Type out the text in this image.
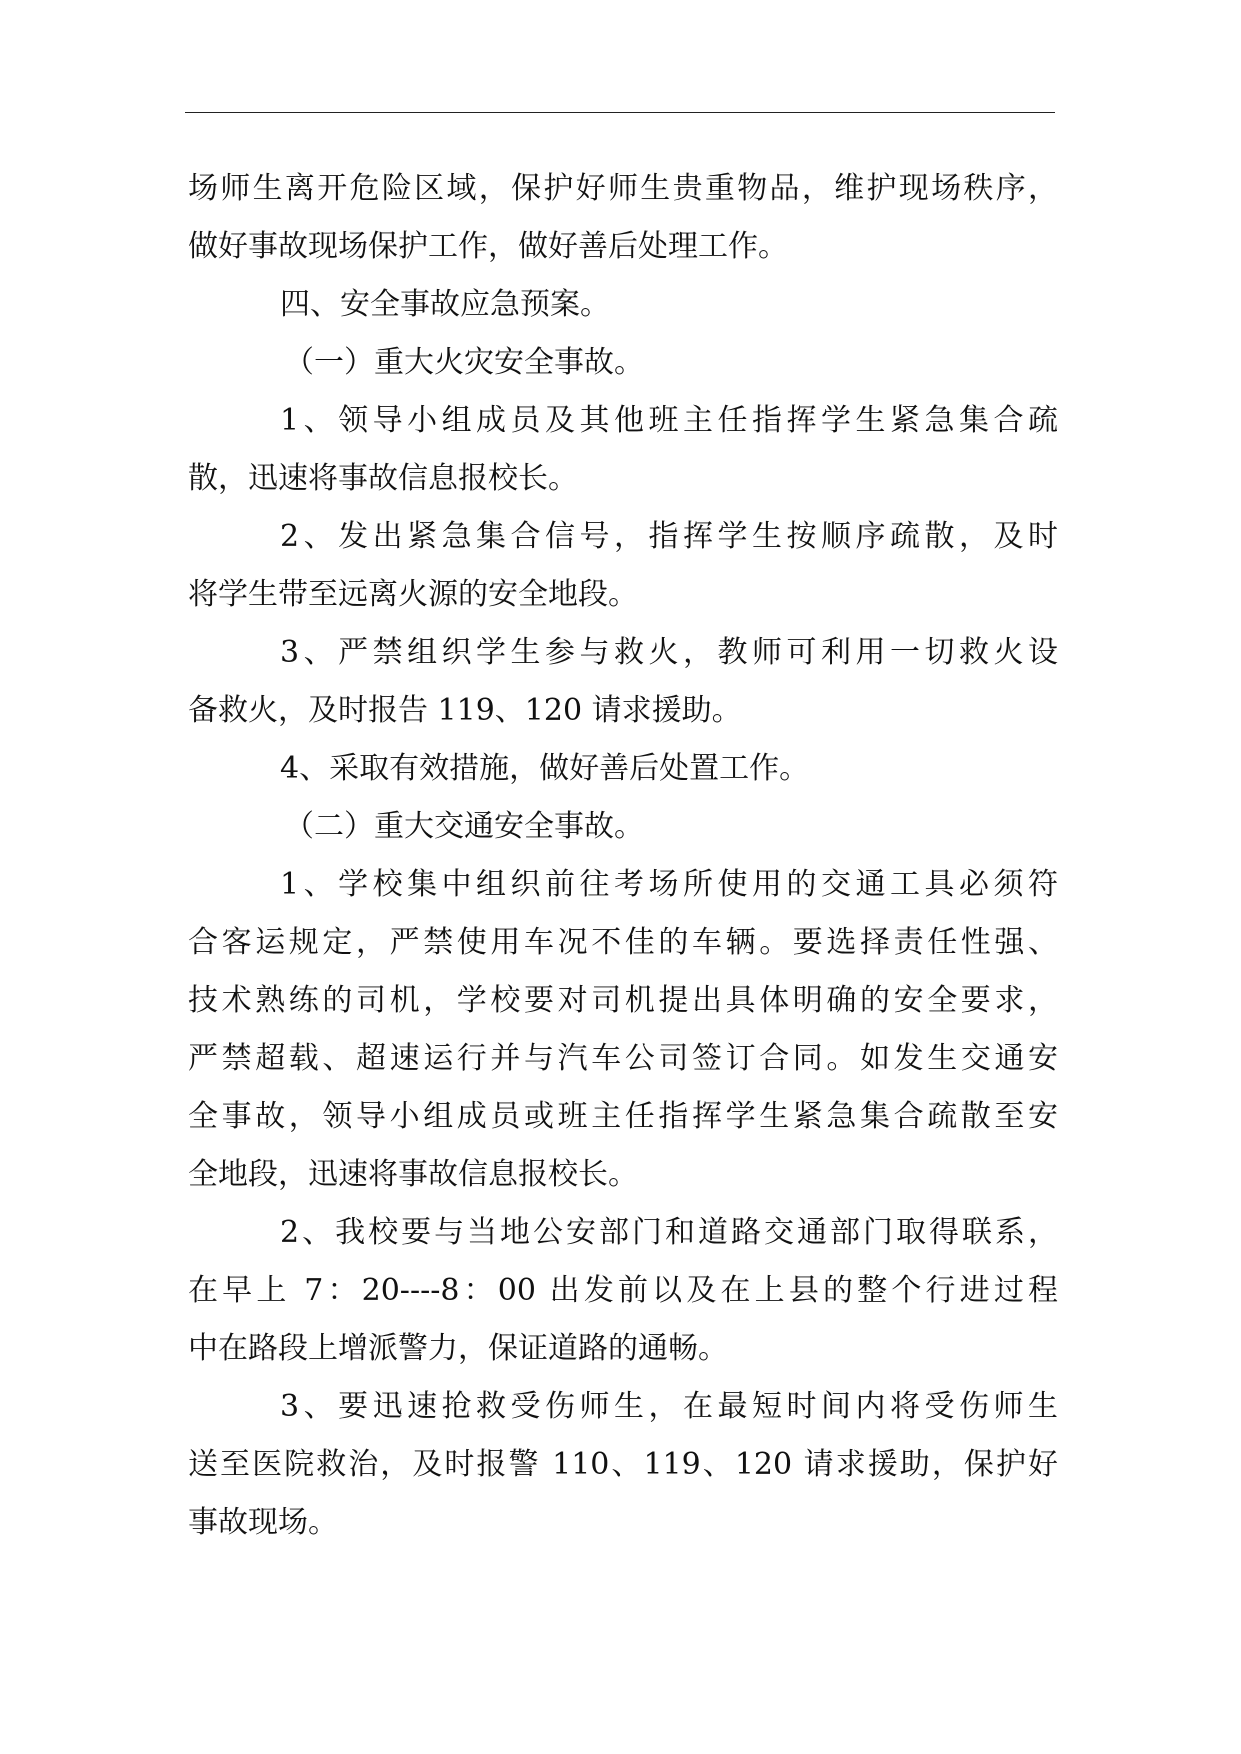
场师生离开危险区域，保护好师生贵重物品，维护现场秩序，
做好事故现场保护工作，做好善后处理工作。
四、安全事故应急预案。
（一）重大火灾安全事故。
1、领导小组成员及其他班主任指挥学生紧急集合疏
散，迅速将事故信息报校长。
2、发出紧急集合信号，指挥学生按顺序疏散，及时
将学生带至远离火源的安全地段。
3、严禁组织学生参与救火，教师可利用一切救火设
备救火，及时报告 119、120 请求援助。
4、采取有效措施，做好善后处置工作。
（二）重大交通安全事故。
1、学校集中组织前往考场所使用的交通工具必须符
合客运规定，严禁使用车况不佳的车辆。要选择责任性强、
技术熟练的司机，学校要对司机提出具体明确的安全要求，
严禁超载、超速运行并与汽车公司签订合同。如发生交通安
全事故，领导小组成员或班主任指挥学生紧急集合疏散至安
全地段，迅速将事故信息报校长。
2、我校要与当地公安部门和道路交通部门取得联系，
在早上 7：20----8：00 出发前以及在上县的整个行进过程
中在路段上增派警力，保证道路的通畅。
3、要迅速抢救受伤师生，在最短时间内将受伤师生
送至医院救治，及时报警 110、119、120 请求援助，保护好
事故现场。
